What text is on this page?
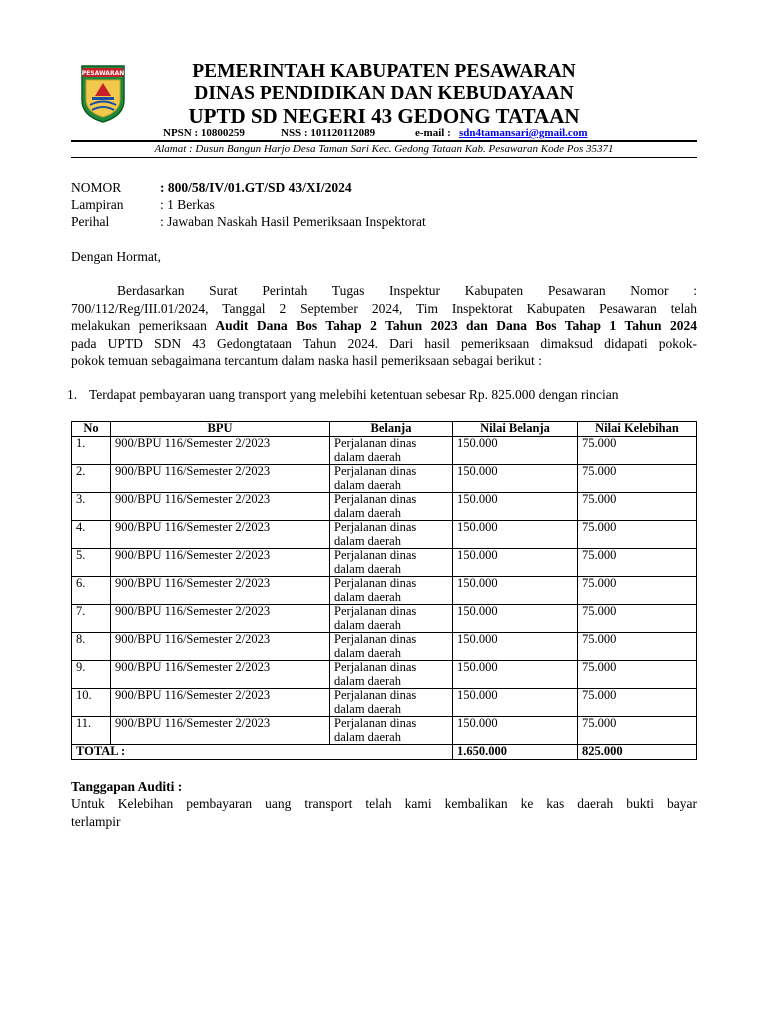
PESAWARAN	PEMERINTAH KABUPATEN PESAWARAN
DINAS PENDIDIKAN DAN KEBUDAYAAN
UPTD SD NEGERI 43 GEDONG TATAAN
NPSN : 10800259	NSS : 101120112089	e-mail : sdn4tamansari@gmail.com
Alamat : Dusun Bangun Harjo Desa Taman Sari Kec. Gedong Tataan Kab. Pesawaran Kode Pos 35371
NOMOR	: 800/58/IV/01.GT/SD 43/XI/2024
Lampiran	: 1 Berkas
Perihal	: Jawaban Naskah Hasil Pemeriksaan Inspektorat
Dengan Hormat,
Berdasarkan Surat Perintah Tugas Inspektur Kabupaten Pesawaran Nomor :
700/112/Reg/III.01/2024, Tanggal 2 September 2024, Tim Inspektorat Kabupaten Pesawaran telah
melakukan pemeriksaan Audit Dana Bos Tahap 2 Tahun 2023 dan Dana Bos Tahap 1 Tahun 2024
pada UPTD SDN 43 Gedongtataan Tahun 2024. Dari hasil pemeriksaan dimaksud didapati pokok-
pokok temuan sebagaimana tercantum dalam naska hasil pemeriksaan sebagai berikut :
1. Terdapat pembayaran uang transport yang melebihi ketentuan sebesar Rp. 825.000 dengan rincian
No	BPU	Belanja	Nilai Belanja	Nilai Kelebihan
1.	900/BPU 116/Semester 2/2023	Perjalanan dinas
dalam daerah	150.000	75.000
2.	900/BPU 116/Semester 2/2023	Perjalanan dinas
dalam daerah	150.000	75.000
3.	900/BPU 116/Semester 2/2023	Perjalanan dinas
dalam daerah	150.000	75.000
4.	900/BPU 116/Semester 2/2023	Perjalanan dinas
dalam daerah	150.000	75.000
5.	900/BPU 116/Semester 2/2023	Perjalanan dinas
dalam daerah	150.000	75.000
6.	900/BPU 116/Semester 2/2023	Perjalanan dinas
dalam daerah	150.000	75.000
7.	900/BPU 116/Semester 2/2023	Perjalanan dinas
dalam daerah	150.000	75.000
8.	900/BPU 116/Semester 2/2023	Perjalanan dinas
dalam daerah	150.000	75.000
9.	900/BPU 116/Semester 2/2023	Perjalanan dinas
dalam daerah	150.000	75.000
10.	900/BPU 116/Semester 2/2023	Perjalanan dinas
dalam daerah	150.000	75.000
11.	900/BPU 116/Semester 2/2023	Perjalanan dinas
dalam daerah	150.000	75.000
TOTAL :			1.650.000	825.000
Tanggapan Auditi :
Untuk Kelebihan pembayaran uang transport telah kami kembalikan ke kas daerah bukti bayar
terlampir
